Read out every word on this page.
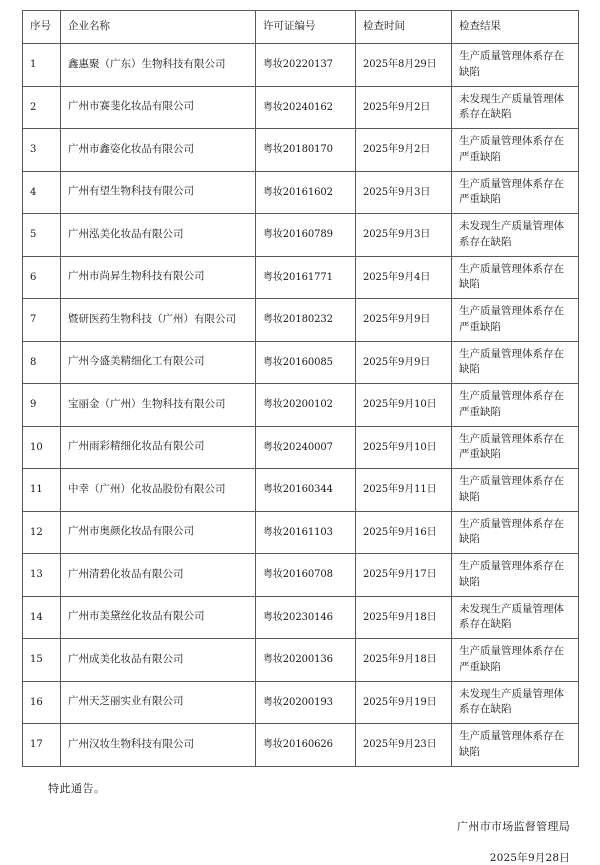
序号	企业名称	许可证编号	检查时间	检查结果
1	鑫惠聚（广东）生物科技有限公司	粤妆20220137	2025年8月29日	生产质量管理体系存在缺陷
2	广州市赛斐化妆品有限公司	粤妆20240162	2025年9月2日	未发现生产质量管理体系存在缺陷
3	广州市鑫姿化妆品有限公司	粤妆20180170	2025年9月2日	生产质量管理体系存在严重缺陷
4	广州有望生物科技有限公司	粤妆20161602	2025年9月3日	生产质量管理体系存在严重缺陷
5	广州泓美化妆品有限公司	粤妆20160789	2025年9月3日	未发现生产质量管理体系存在缺陷
6	广州市尚昇生物科技有限公司	粤妆20161771	2025年9月4日	生产质量管理体系存在缺陷
7	暨研医药生物科技（广州）有限公司	粤妆20180232	2025年9月9日	生产质量管理体系存在严重缺陷
8	广州今盛美精细化工有限公司	粤妆20160085	2025年9月9日	生产质量管理体系存在缺陷
9	宝丽金（广州）生物科技有限公司	粤妆20200102	2025年9月10日	生产质量管理体系存在严重缺陷
10	广州雨彩精细化妆品有限公司	粤妆20240007	2025年9月10日	生产质量管理体系存在严重缺陷
11	中幸（广州）化妆品股份有限公司	粤妆20160344	2025年9月11日	生产质量管理体系存在缺陷
12	广州市奥颜化妆品有限公司	粤妆20161103	2025年9月16日	生产质量管理体系存在缺陷
13	广州清碧化妆品有限公司	粤妆20160708	2025年9月17日	生产质量管理体系存在缺陷
14	广州市美黛丝化妆品有限公司	粤妆20230146	2025年9月18日	未发现生产质量管理体系存在缺陷
15	广州成美化妆品有限公司	粤妆20200136	2025年9月18日	生产质量管理体系存在严重缺陷
16	广州天芝丽实业有限公司	粤妆20200193	2025年9月19日	未发现生产质量管理体系存在缺陷
17	广州汉妆生物科技有限公司	粤妆20160626	2025年9月23日	生产质量管理体系存在缺陷
特此通告。
广州市市场监督管理局
2025年9月28日
